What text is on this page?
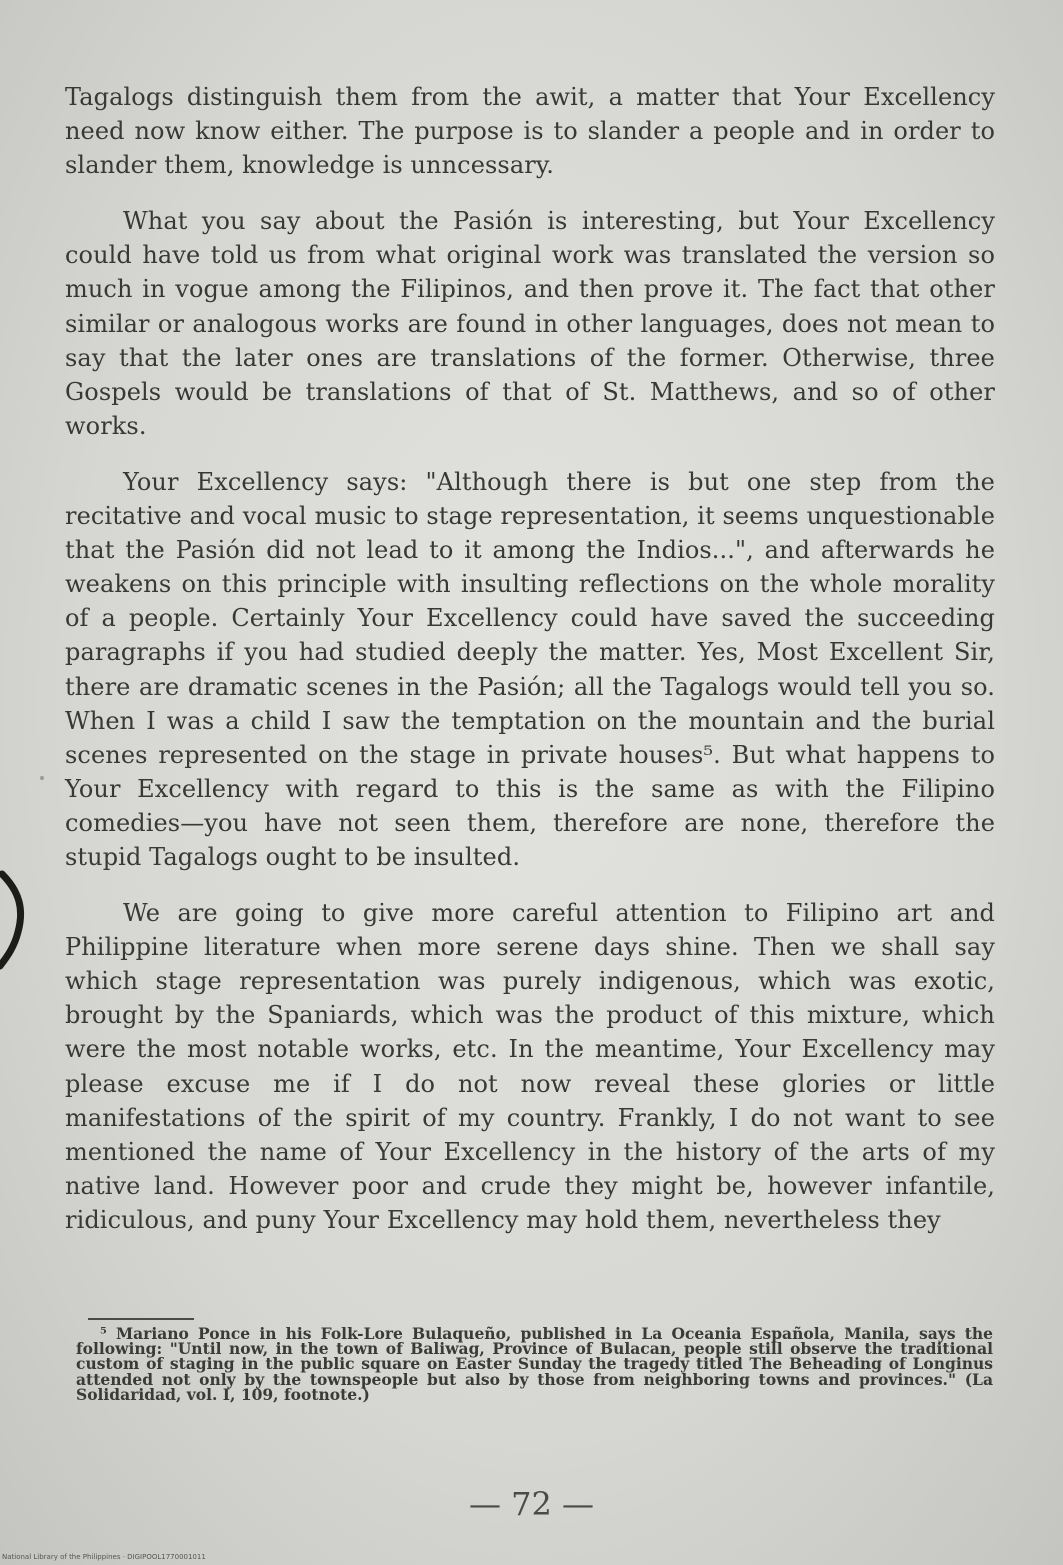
Tagalogs distinguish them from the awit, a matter that Your Excellency need now know either. The purpose is to slander a people and in order to slander them, knowledge is unncessary.

What you say about the Pasión is interesting, but Your Excellency could have told us from what original work was translated the version so much in vogue among the Filipinos, and then prove it. The fact that other similar or analogous works are found in other languages, does not mean to say that the later ones are translations of the former. Otherwise, three Gospels would be translations of that of St. Matthews, and so of other works.

Your Excellency says: "Although there is but one step from the recitative and vocal music to stage representation, it seems unquestionable that the Pasión did not lead to it among the Indios...", and afterwards he weakens on this principle with insulting reflections on the whole morality of a people. Certainly Your Excellency could have saved the succeeding paragraphs if you had studied deeply the matter. Yes, Most Excellent Sir, there are dramatic scenes in the Pasión; all the Tagalogs would tell you so. When I was a child I saw the temptation on the mountain and the burial scenes represented on the stage in private houses⁵. But what happens to Your Excellency with regard to this is the same as with the Filipino comedies—you have not seen them, therefore are none, therefore the stupid Tagalogs ought to be insulted.

We are going to give more careful attention to Filipino art and Philippine literature when more serene days shine. Then we shall say which stage representation was purely indigenous, which was exotic, brought by the Spaniards, which was the product of this mixture, which were the most notable works, etc. In the meantime, Your Excellency may please excuse me if I do not now reveal these glories or little manifestations of the spirit of my country. Frankly, I do not want to see mentioned the name of Your Excellency in the history of the arts of my native land. However poor and crude they might be, however infantile, ridiculous, and puny Your Excellency may hold them, nevertheless they

⁵ Mariano Ponce in his Folk-Lore Bulaqueño, published in La Oceania Española, Manila, says the following: "Until now, in the town of Baliwag, Province of Bulacan, people still observe the traditional custom of staging in the public square on Easter Sunday the tragedy titled The Beheading of Longinus attended not only by the townspeople but also by those from neighboring towns and provinces." (La Solidaridad, vol. I, 109, footnote.)

— 72 —
National Library of the Philippines · DIGIPOOL1770001011
